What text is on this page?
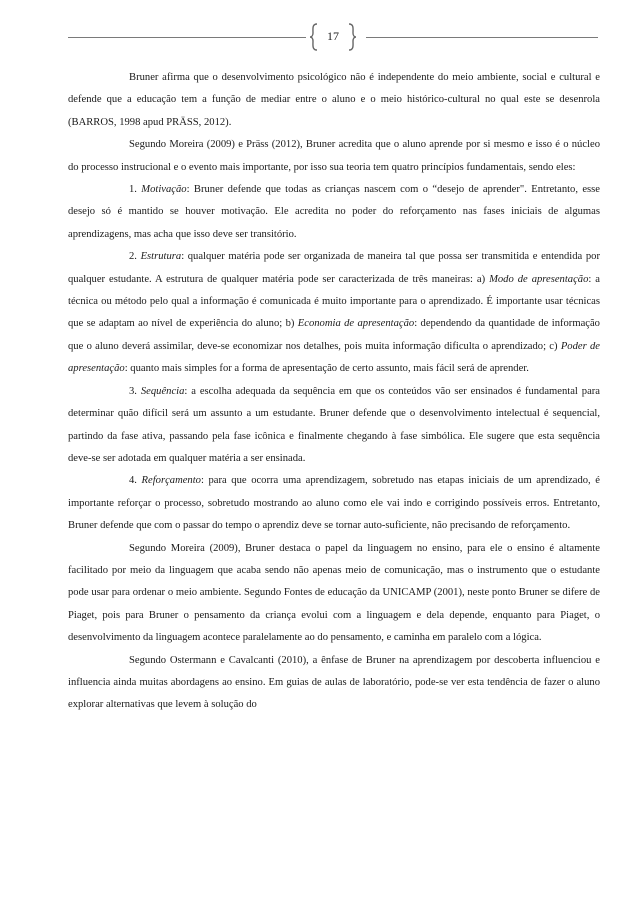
17

Bruner afirma que o desenvolvimento psicológico não é independente do meio ambiente, social e cultural e defende que a educação tem a função de mediar entre o aluno e o meio histórico-cultural no qual este se desenrola (BARROS, 1998 apud PRÄSS, 2012).

Segundo Moreira (2009) e Präss (2012), Bruner acredita que o aluno aprende por si mesmo e isso é o núcleo do processo instrucional e o evento mais importante, por isso sua teoria tem quatro princípios fundamentais, sendo eles:

1. Motivação: Bruner defende que todas as crianças nascem com o “desejo de aprender". Entretanto, esse desejo só é mantido se houver motivação. Ele acredita no poder do reforçamento nas fases iniciais de algumas aprendizagens, mas acha que isso deve ser transitório.

2. Estrutura: qualquer matéria pode ser organizada de maneira tal que possa ser transmitida e entendida por qualquer estudante. A estrutura de qualquer matéria pode ser caracterizada de três maneiras: a) Modo de apresentação: a técnica ou método pelo qual a informação é comunicada é muito importante para o aprendizado. É importante usar técnicas que se adaptam ao nível de experiência do aluno; b) Economia de apresentação: dependendo da quantidade de informação que o aluno deverá assimilar, deve-se economizar nos detalhes, pois muita informação dificulta o aprendizado; c) Poder de apresentação: quanto mais simples for a forma de apresentação de certo assunto, mais fácil será de aprender.

3. Sequência: a escolha adequada da sequência em que os conteúdos vão ser ensinados é fundamental para determinar quão difícil será um assunto a um estudante. Bruner defende que o desenvolvimento intelectual é sequencial, partindo da fase ativa, passando pela fase icônica e finalmente chegando à fase simbólica. Ele sugere que esta sequência deve-se ser adotada em qualquer matéria a ser ensinada.

4. Reforçamento: para que ocorra uma aprendizagem, sobretudo nas etapas iniciais de um aprendizado, é importante reforçar o processo, sobretudo mostrando ao aluno como ele vai indo e corrigindo possíveis erros. Entretanto, Bruner defende que com o passar do tempo o aprendiz deve se tornar auto-suficiente, não precisando de reforçamento.

Segundo Moreira (2009), Bruner destaca o papel da linguagem no ensino, para ele o ensino é altamente facilitado por meio da linguagem que acaba sendo não apenas meio de comunicação, mas o instrumento que o estudante pode usar para ordenar o meio ambiente. Segundo Fontes de educação da UNICAMP (2001), neste ponto Bruner se difere de Piaget, pois para Bruner o pensamento da criança evolui com a linguagem e dela depende, enquanto para Piaget, o desenvolvimento da linguagem acontece paralelamente ao do pensamento, e caminha em paralelo com a lógica.

Segundo Ostermann e Cavalcanti (2010), a ênfase de Bruner na aprendizagem por descoberta influenciou e influencia ainda muitas abordagens ao ensino. Em guias de aulas de laboratório, pode-se ver esta tendência de fazer o aluno explorar alternativas que levem à solução do
